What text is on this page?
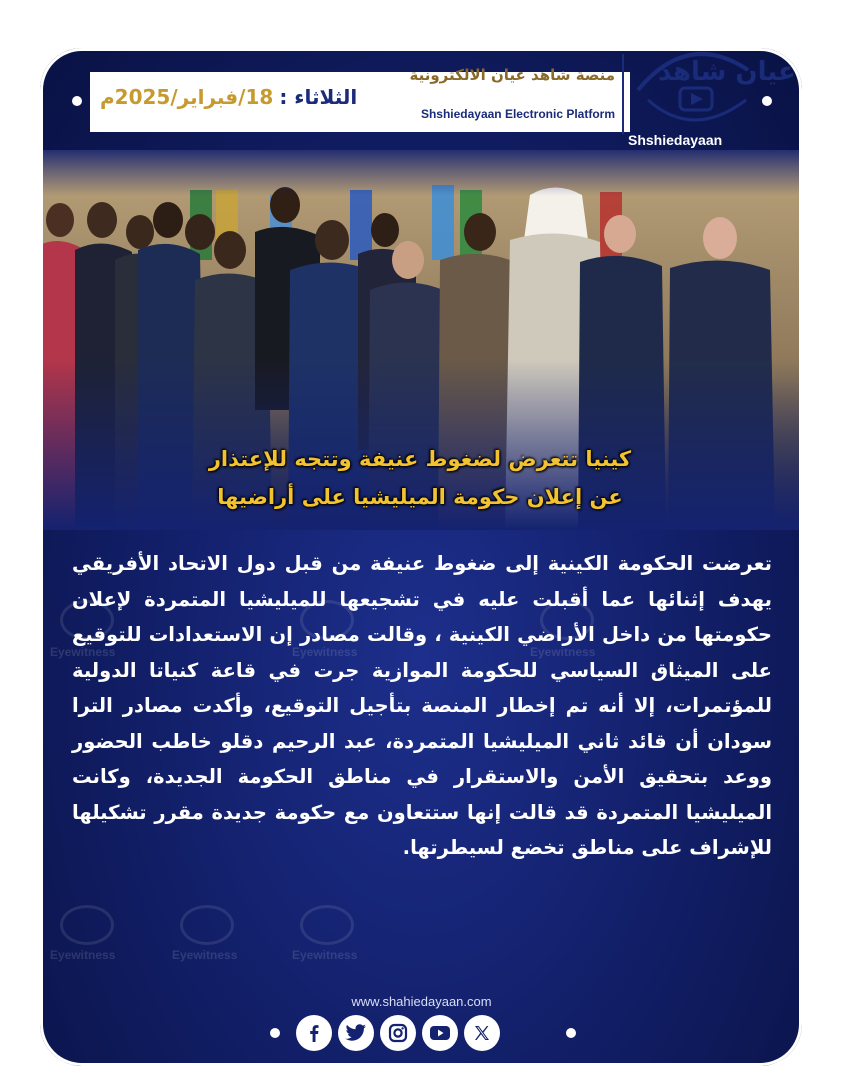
منصة شاهد عيان الالكترونية
Shshiedayaan Electronic Platform
الثلاثاء :
18/فبراير/2025م
عيان شاهد
Shshiedayaan
Eyewitness	Eyewitness	Eyewitness
Eyewitness	Eyewitness	Eyewitness
كينيا تتعرض لضغوط عنيفة وتتجه للإعتذار
عن إعلان حكومة الميليشيا على أراضيها
تعرضت الحكومة الكينية إلى ضغوط عنيفة من قبل دول الاتحاد الأفريقي يهدف إثنائها عما أقبلت عليه في تشجيعها للميليشيا المتمردة لإعلان حكومتها من داخل الأراضي الكينية ، وقالت مصادر إن الاستعدادات للتوقيع على الميثاق السياسي للحكومة الموازية جرت في قاعة كنياتا الدولية للمؤتمرات، إلا أنه تم إخطار المنصة بتأجيل التوقيع، وأكدت مصادر الترا سودان أن قائد ثاني الميليشيا المتمردة، عبد الرحيم دقلو خاطب الحضور ووعد بتحقيق الأمن والاستقرار في مناطق الحكومة الجديدة، وكانت الميليشيا المتمردة قد قالت إنها ستتعاون مع حكومة جديدة مقرر تشكيلها للإشراف على مناطق تخضع لسيطرتها.
www.shahiedayaan.com
